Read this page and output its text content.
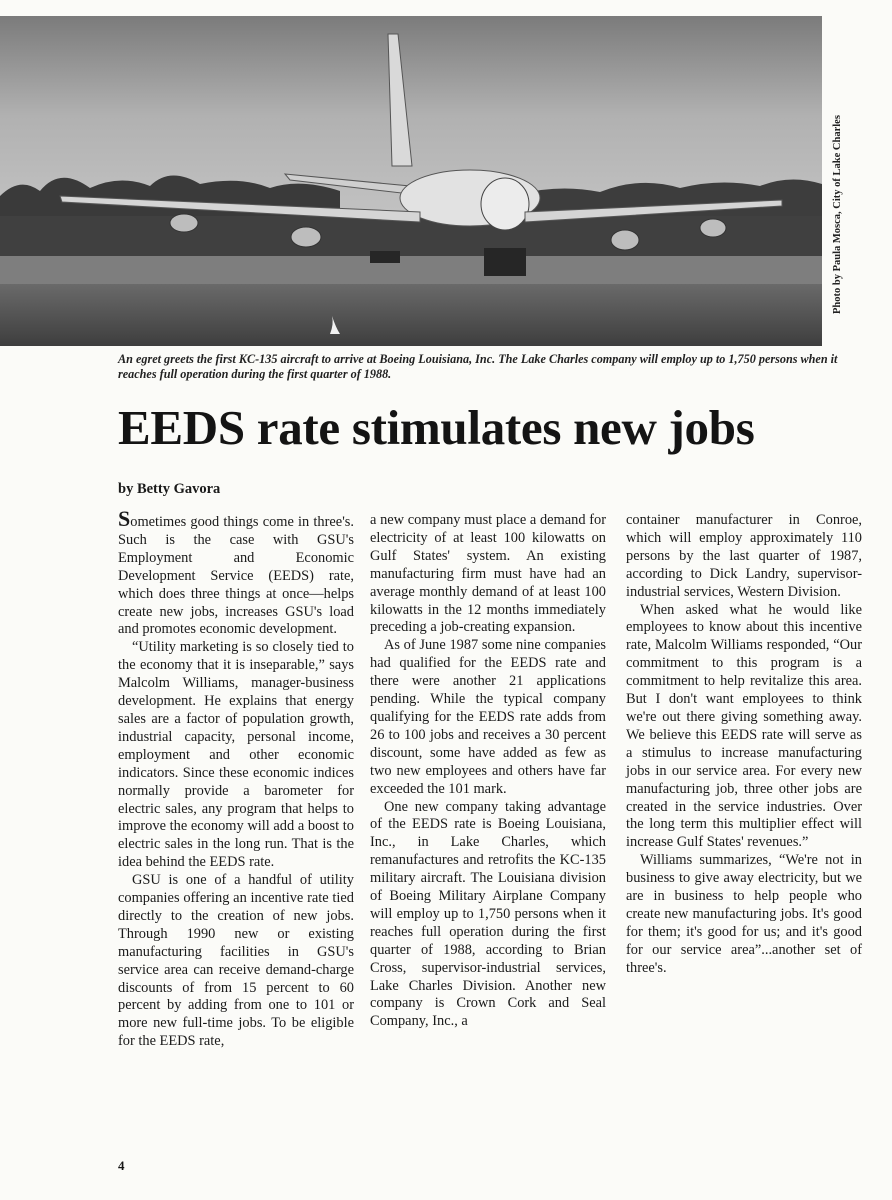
Photo by Paula Mosca, City of Lake Charles
An egret greets the first KC-135 aircraft to arrive at Boeing Louisiana, Inc. The Lake Charles company will employ up to 1,750 persons when it reaches full operation during the first quarter of 1988.
EEDS rate stimulates new jobs
by Betty Gavora

Sometimes good things come in three's. Such is the case with GSU's Employment and Economic Development Service (EEDS) rate, which does three things at once—helps create new jobs, increases GSU's load and promotes economic development.

“Utility marketing is so closely tied to the economy that it is inseparable,” says Malcolm Williams, manager-business development. He explains that energy sales are a factor of population growth, industrial capacity, personal income, employment and other economic indicators. Since these economic indices normally provide a barometer for electric sales, any program that helps to improve the economy will add a boost to electric sales in the long run. That is the idea behind the EEDS rate.

GSU is one of a handful of utility companies offering an incentive rate tied directly to the creation of new jobs. Through 1990 new or existing manufacturing facilities in GSU's service area can receive demand-charge discounts of from 15 percent to 60 percent by adding from one to 101 or more new full-time jobs. To be eligible for the EEDS rate,

a new company must place a demand for electricity of at least 100 kilowatts on Gulf States' system. An existing manufacturing firm must have had an average monthly demand of at least 100 kilowatts in the 12 months immediately preceding a job-creating expansion.

As of June 1987 some nine companies had qualified for the EEDS rate and there were another 21 applications pending. While the typical company qualifying for the EEDS rate adds from 26 to 100 jobs and receives a 30 percent discount, some have added as few as two new employees and others have far exceeded the 101 mark.

One new company taking advantage of the EEDS rate is Boeing Louisiana, Inc., in Lake Charles, which remanufactures and retrofits the KC-135 military aircraft. The Louisiana division of Boeing Military Airplane Company will employ up to 1,750 persons when it reaches full operation during the first quarter of 1988, according to Brian Cross, supervisor-industrial services, Lake Charles Division. Another new company is Crown Cork and Seal Company, Inc., a

container manufacturer in Conroe, which will employ approximately 110 persons by the last quarter of 1987, according to Dick Landry, supervisor-industrial services, Western Division.

When asked what he would like employees to know about this incentive rate, Malcolm Williams responded, “Our commitment to this program is a commitment to help revitalize this area. But I don't want employees to think we're out there giving something away. We believe this EEDS rate will serve as a stimulus to increase manufacturing jobs in our service area. For every new manufacturing job, three other jobs are created in the service industries. Over the long term this multiplier effect will increase Gulf States' revenues.”

Williams summarizes, “We're not in business to give away electricity, but we are in business to help people who create new manufacturing jobs. It's good for them; it's good for us; and it's good for our service area”...another set of three's.

4
